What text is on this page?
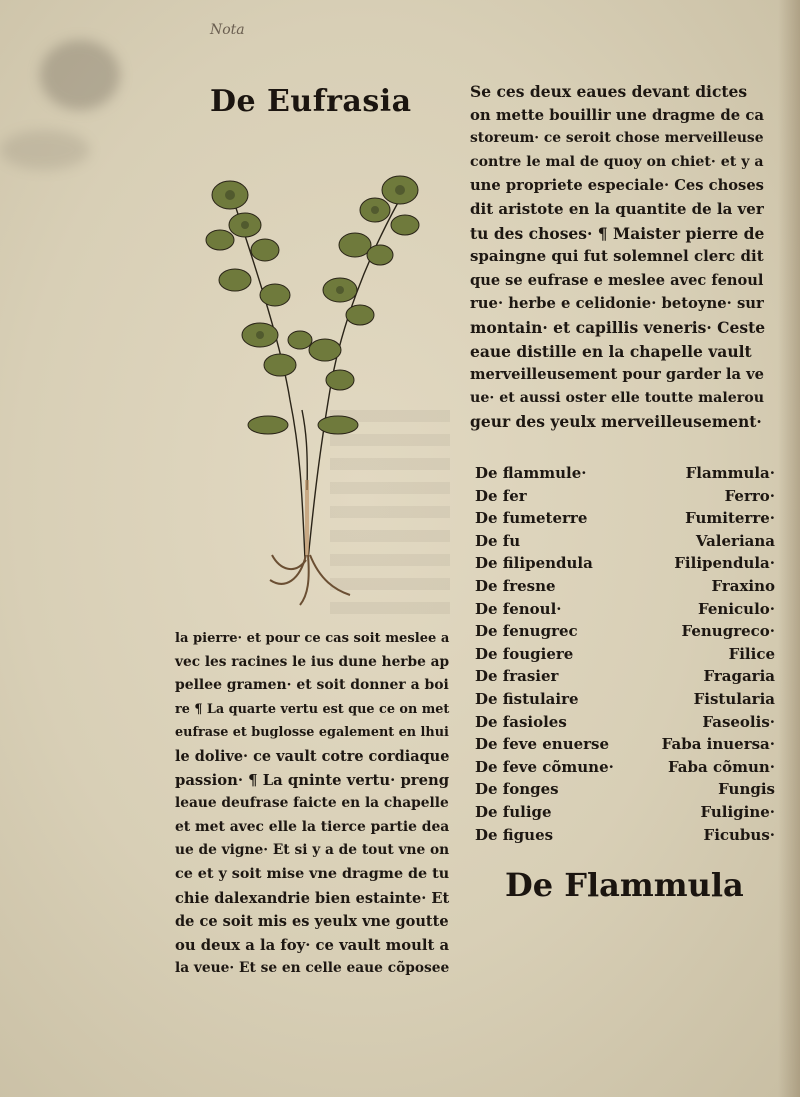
Nota
De Eufrasia	Se ces deux eaues devant dictes
on mette bouillir une dragme de ca
storeum· ce seroit chose merveilleuse
contre le mal de quoy on chiet· et y a
une propriete especiale· Ces choses
dit aristote en la quantite de la ver
tu des choses· ¶ Maister pierre de
spaingne qui fut solemnel clerc dit
que se eufrase e meslee avec fenoul
rue· herbe e celidonie· betoyne· sur
montain· et capillis veneris· Ceste
eaue distille en la chapelle vault
merveilleusement pour garder la ve
ue· et aussi oster elle toutte malerou
geur des yeulx merveilleusement·
De flammule·	Flammula·
De fer	Ferro·
De fumeterre	Fumiterre·
De fu	Valeriana
De filipendula	Filipendula·
De fresne	Fraxino
De fenoul·	Feniculo·
De fenugrec	Fenugreco·
De fougiere	Filice
De frasier	Fragaria
De fistulaire	Fistularia
De fasioles	Faseolis·
De feve enuerse	Faba inuersa·
De feve cõmune·	Faba cõmun·
De fonges	Fungis
De fulige	Fuligine·
De figues	Ficubus·
la pierre· et pour ce cas soit meslee a
vec les racines le ius dune herbe ap
pellee gramen· et soit donner a boi
re ¶ La quarte vertu est que ce on met
eufrase et buglosse egalement en lhui
le dolive· ce vault cotre cordiaque
passion· ¶ La qninte vertu· preng
leaue deufrase faicte en la chapelle
et met avec elle la tierce partie dea
ue de vigne· Et si y a de tout vne on
ce et y soit mise vne dragme de tu
chie dalexandrie bien estainte· Et
de ce soit mis es yeulx vne goutte
ou deux a la foy· ce vault moult a
la veue· Et se en celle eaue cõposee
De Flammula
